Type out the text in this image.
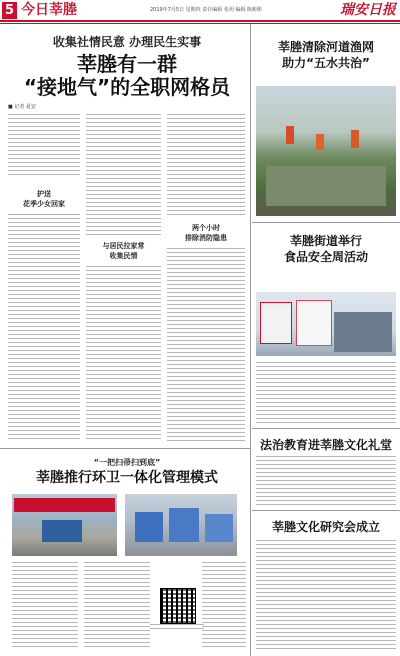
5 今日莘塍	2019年7月5日 星期四 责任编辑 张玥 编辑 陈彬彬	瑞安日报
收集社情民意 办理民生实事
莘塍有一群
“接地气”的全职网格员
■ 记者 夏安
护送
花季少女回家
与居民拉家常
收集民情
两个小时
排除消防隐患
“一把扫帚扫到底”
莘塍推行环卫一体化管理模式
莘塍清除河道渔网
助力“五水共治”
莘塍街道举行
食品安全周活动
法治教育进莘塍文化礼堂
莘塍文化研究会成立
